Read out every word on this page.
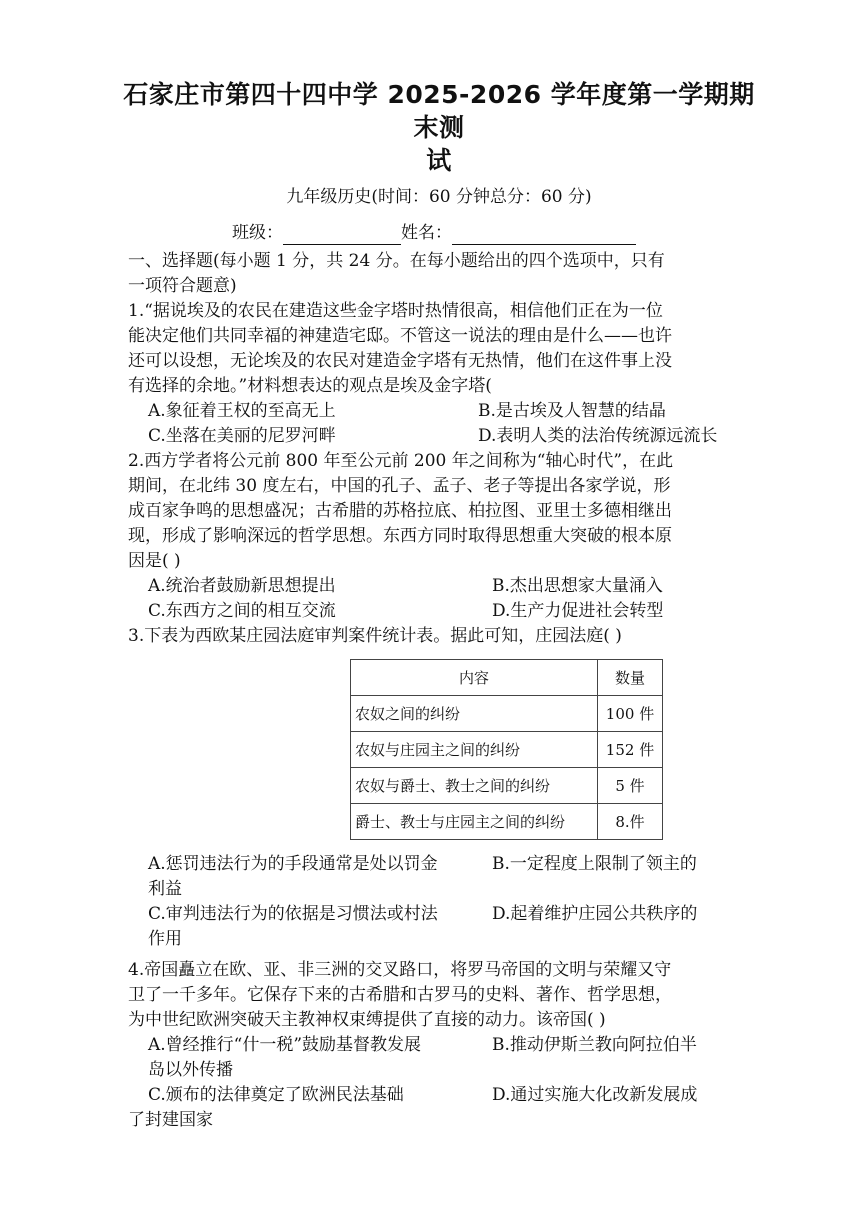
石家庄市第四十四中学 2025-2026 学年度第一学期期末测
试
九年级历史(时间：60 分钟总分：60 分)
班级：	姓名：
一、选择题(每小题 1 分，共 24 分。在每小题给出的四个选项中，只有
一项符合题意)
1.“据说埃及的农民在建造这些金字塔时热情很高，相信他们正在为一位
能决定他们共同幸福的神建造宅邸。不管这一说法的理由是什么——也许
还可以设想，无论埃及的农民对建造金字塔有无热情，他们在这件事上没
有选择的余地。”材料想表达的观点是埃及金字塔(
A.象征着王权的至高无上	B.是古埃及人智慧的结晶
C.坐落在美丽的尼罗河畔	D.表明人类的法治传统源远流长
2.西方学者将公元前 800 年至公元前 200 年之间称为“轴心时代”，在此
期间，在北纬 30 度左右，中国的孔子、孟子、老子等提出各家学说，形
成百家争鸣的思想盛况；古希腊的苏格拉底、柏拉图、亚里士多德相继出
现，形成了影响深远的哲学思想。东西方同时取得思想重大突破的根本原
因是( )
A.统治者鼓励新思想提出	B.杰出思想家大量涌入
C.东西方之间的相互交流	D.生产力促进社会转型
3.下表为西欧某庄园法庭审判案件统计表。据此可知，庄园法庭( )
内容	数量
农奴之间的纠纷	100 件
农奴与庄园主之间的纠纷	152 件
农奴与爵士、教士之间的纠纷	5 件
爵士、教士与庄园主之间的纠纷	8.件
A.惩罚违法行为的手段通常是处以罚金	B.一定程度上限制了领主的
利益
C.审判违法行为的依据是习惯法或村法	D.起着维护庄园公共秩序的
作用
4.帝国矗立在欧、亚、非三洲的交叉路口，将罗马帝国的文明与荣耀又守
卫了一千多年。它保存下来的古希腊和古罗马的史料、著作、哲学思想，
为中世纪欧洲突破天主教神权束缚提供了直接的动力。该帝国( )
A.曾经推行“什一税”鼓励基督教发展	B.推动伊斯兰教向阿拉伯半
岛以外传播
C.颁布的法律奠定了欧洲民法基础	D.通过实施大化改新发展成
了封建国家
